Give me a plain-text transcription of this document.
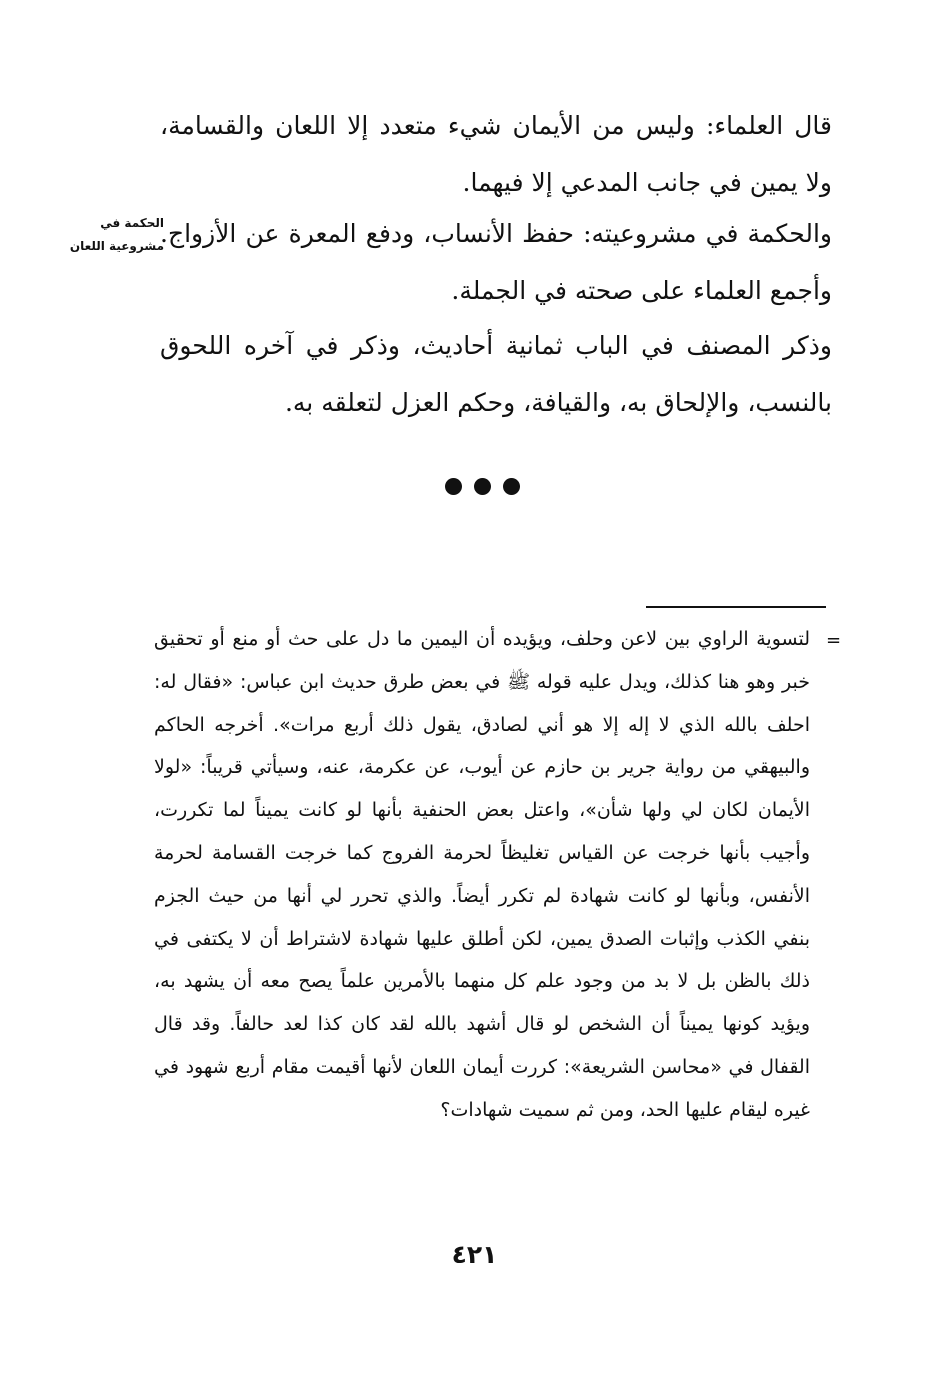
قال العلماء: وليس من الأيمان شيء متعدد إلا اللعان والقسامة، ولا يمين في جانب المدعي إلا فيهما.

والحكمة في مشروعيته: حفظ الأنساب، ودفع المعرة عن الأزواج. وأجمع العلماء على صحته في الجملة.

الحكمة في مشروعية اللعان

وذكر المصنف في الباب ثمانية أحاديث، وذكر في آخره اللحوق بالنسب، والإلحاق به، والقيافة، وحكم العزل لتعلقه به.

=

لتسوية الراوي بين لاعن وحلف، ويؤيده أن اليمين ما دل على حث أو منع أو تحقيق خبر وهو هنا كذلك، ويدل عليه قوله ﷺ في بعض طرق حديث ابن عباس: «فقال له: احلف بالله الذي لا إله إلا هو أني لصادق، يقول ذلك أربع مرات». أخرجه الحاكم والبيهقي من رواية جرير بن حازم عن أيوب، عن عكرمة، عنه، وسيأتي قريباً: «لولا الأيمان لكان لي ولها شأن»، واعتل بعض الحنفية بأنها لو كانت يميناً لما تكررت، وأجيب بأنها خرجت عن القياس تغليظاً لحرمة الفروج كما خرجت القسامة لحرمة الأنفس، وبأنها لو كانت شهادة لم تكرر أيضاً. والذي تحرر لي أنها من حيث الجزم بنفي الكذب وإثبات الصدق يمين، لكن أطلق عليها شهادة لاشتراط أن لا يكتفى في ذلك بالظن بل لا بد من وجود علم كل منهما بالأمرين علماً يصح معه أن يشهد به، ويؤيد كونها يميناً أن الشخص لو قال أشهد بالله لقد كان كذا لعد حالفاً. وقد قال القفال في «محاسن الشريعة»: كررت أيمان اللعان لأنها أقيمت مقام أربع شهود في غيره ليقام عليها الحد، ومن ثم سميت شهادات؟

٤٢١
